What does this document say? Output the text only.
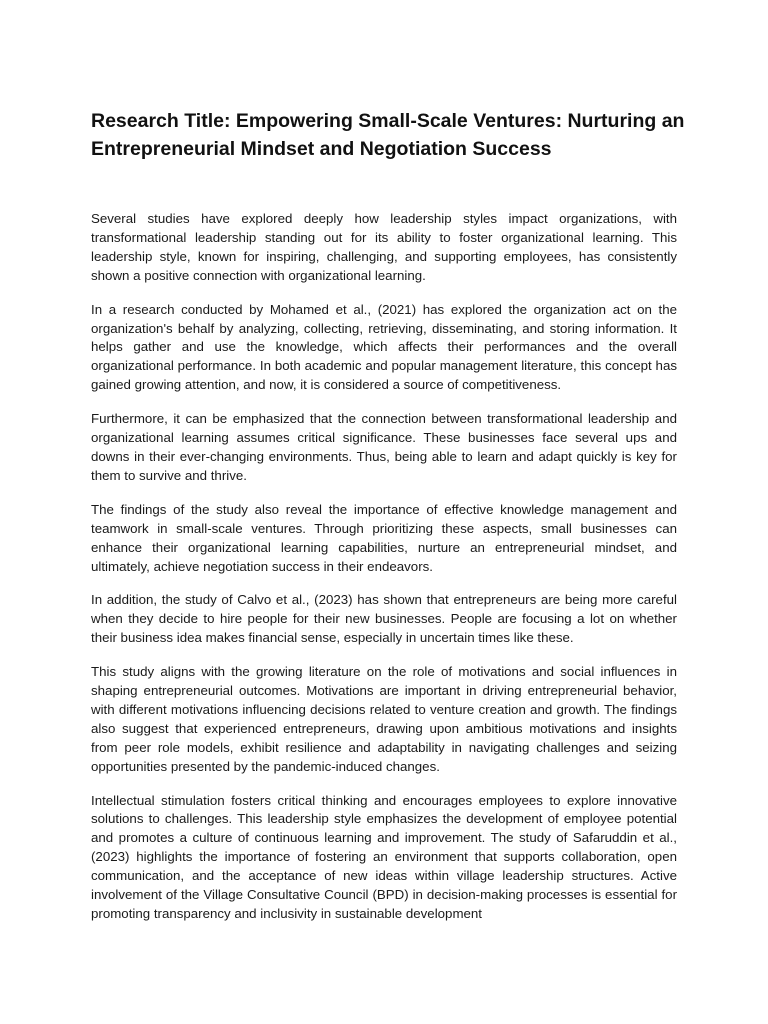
Research Title: Empowering Small-Scale Ventures: Nurturing an Entrepreneurial Mindset and Negotiation Success

Several studies have explored deeply how leadership styles impact organizations, with transformational leadership standing out for its ability to foster organizational learning. This leadership style, known for inspiring, challenging, and supporting employees, has consistently shown a positive connection with organizational learning.

In a research conducted by Mohamed et al., (2021) has explored the organization act on the organization's behalf by analyzing, collecting, retrieving, disseminating, and storing information. It helps gather and use the knowledge, which affects their performances and the overall organizational performance. In both academic and popular management literature, this concept has gained growing attention, and now, it is considered a source of competitiveness.

Furthermore, it can be emphasized that the connection between transformational leadership and organizational learning assumes critical significance. These businesses face several ups and downs in their ever-changing environments. Thus, being able to learn and adapt quickly is key for them to survive and thrive.

The findings of the study also reveal the importance of effective knowledge management and teamwork in small-scale ventures. Through prioritizing these aspects, small businesses can enhance their organizational learning capabilities, nurture an entrepreneurial mindset, and ultimately, achieve negotiation success in their endeavors.

In addition, the study of Calvo et al., (2023) has shown that entrepreneurs are being more careful when they decide to hire people for their new businesses. People are focusing a lot on whether their business idea makes financial sense, especially in uncertain times like these.

This study aligns with the growing literature on the role of motivations and social influences in shaping entrepreneurial outcomes. Motivations are important in driving entrepreneurial behavior, with different motivations influencing decisions related to venture creation and growth. The findings also suggest that experienced entrepreneurs, drawing upon ambitious motivations and insights from peer role models, exhibit resilience and adaptability in navigating challenges and seizing opportunities presented by the pandemic-induced changes.

Intellectual stimulation fosters critical thinking and encourages employees to explore innovative solutions to challenges. This leadership style emphasizes the development of employee potential and promotes a culture of continuous learning and improvement. The study of Safaruddin et al., (2023) highlights the importance of fostering an environment that supports collaboration, open communication, and the acceptance of new ideas within village leadership structures. Active involvement of the Village Consultative Council (BPD) in decision-making processes is essential for promoting transparency and inclusivity in sustainable development
